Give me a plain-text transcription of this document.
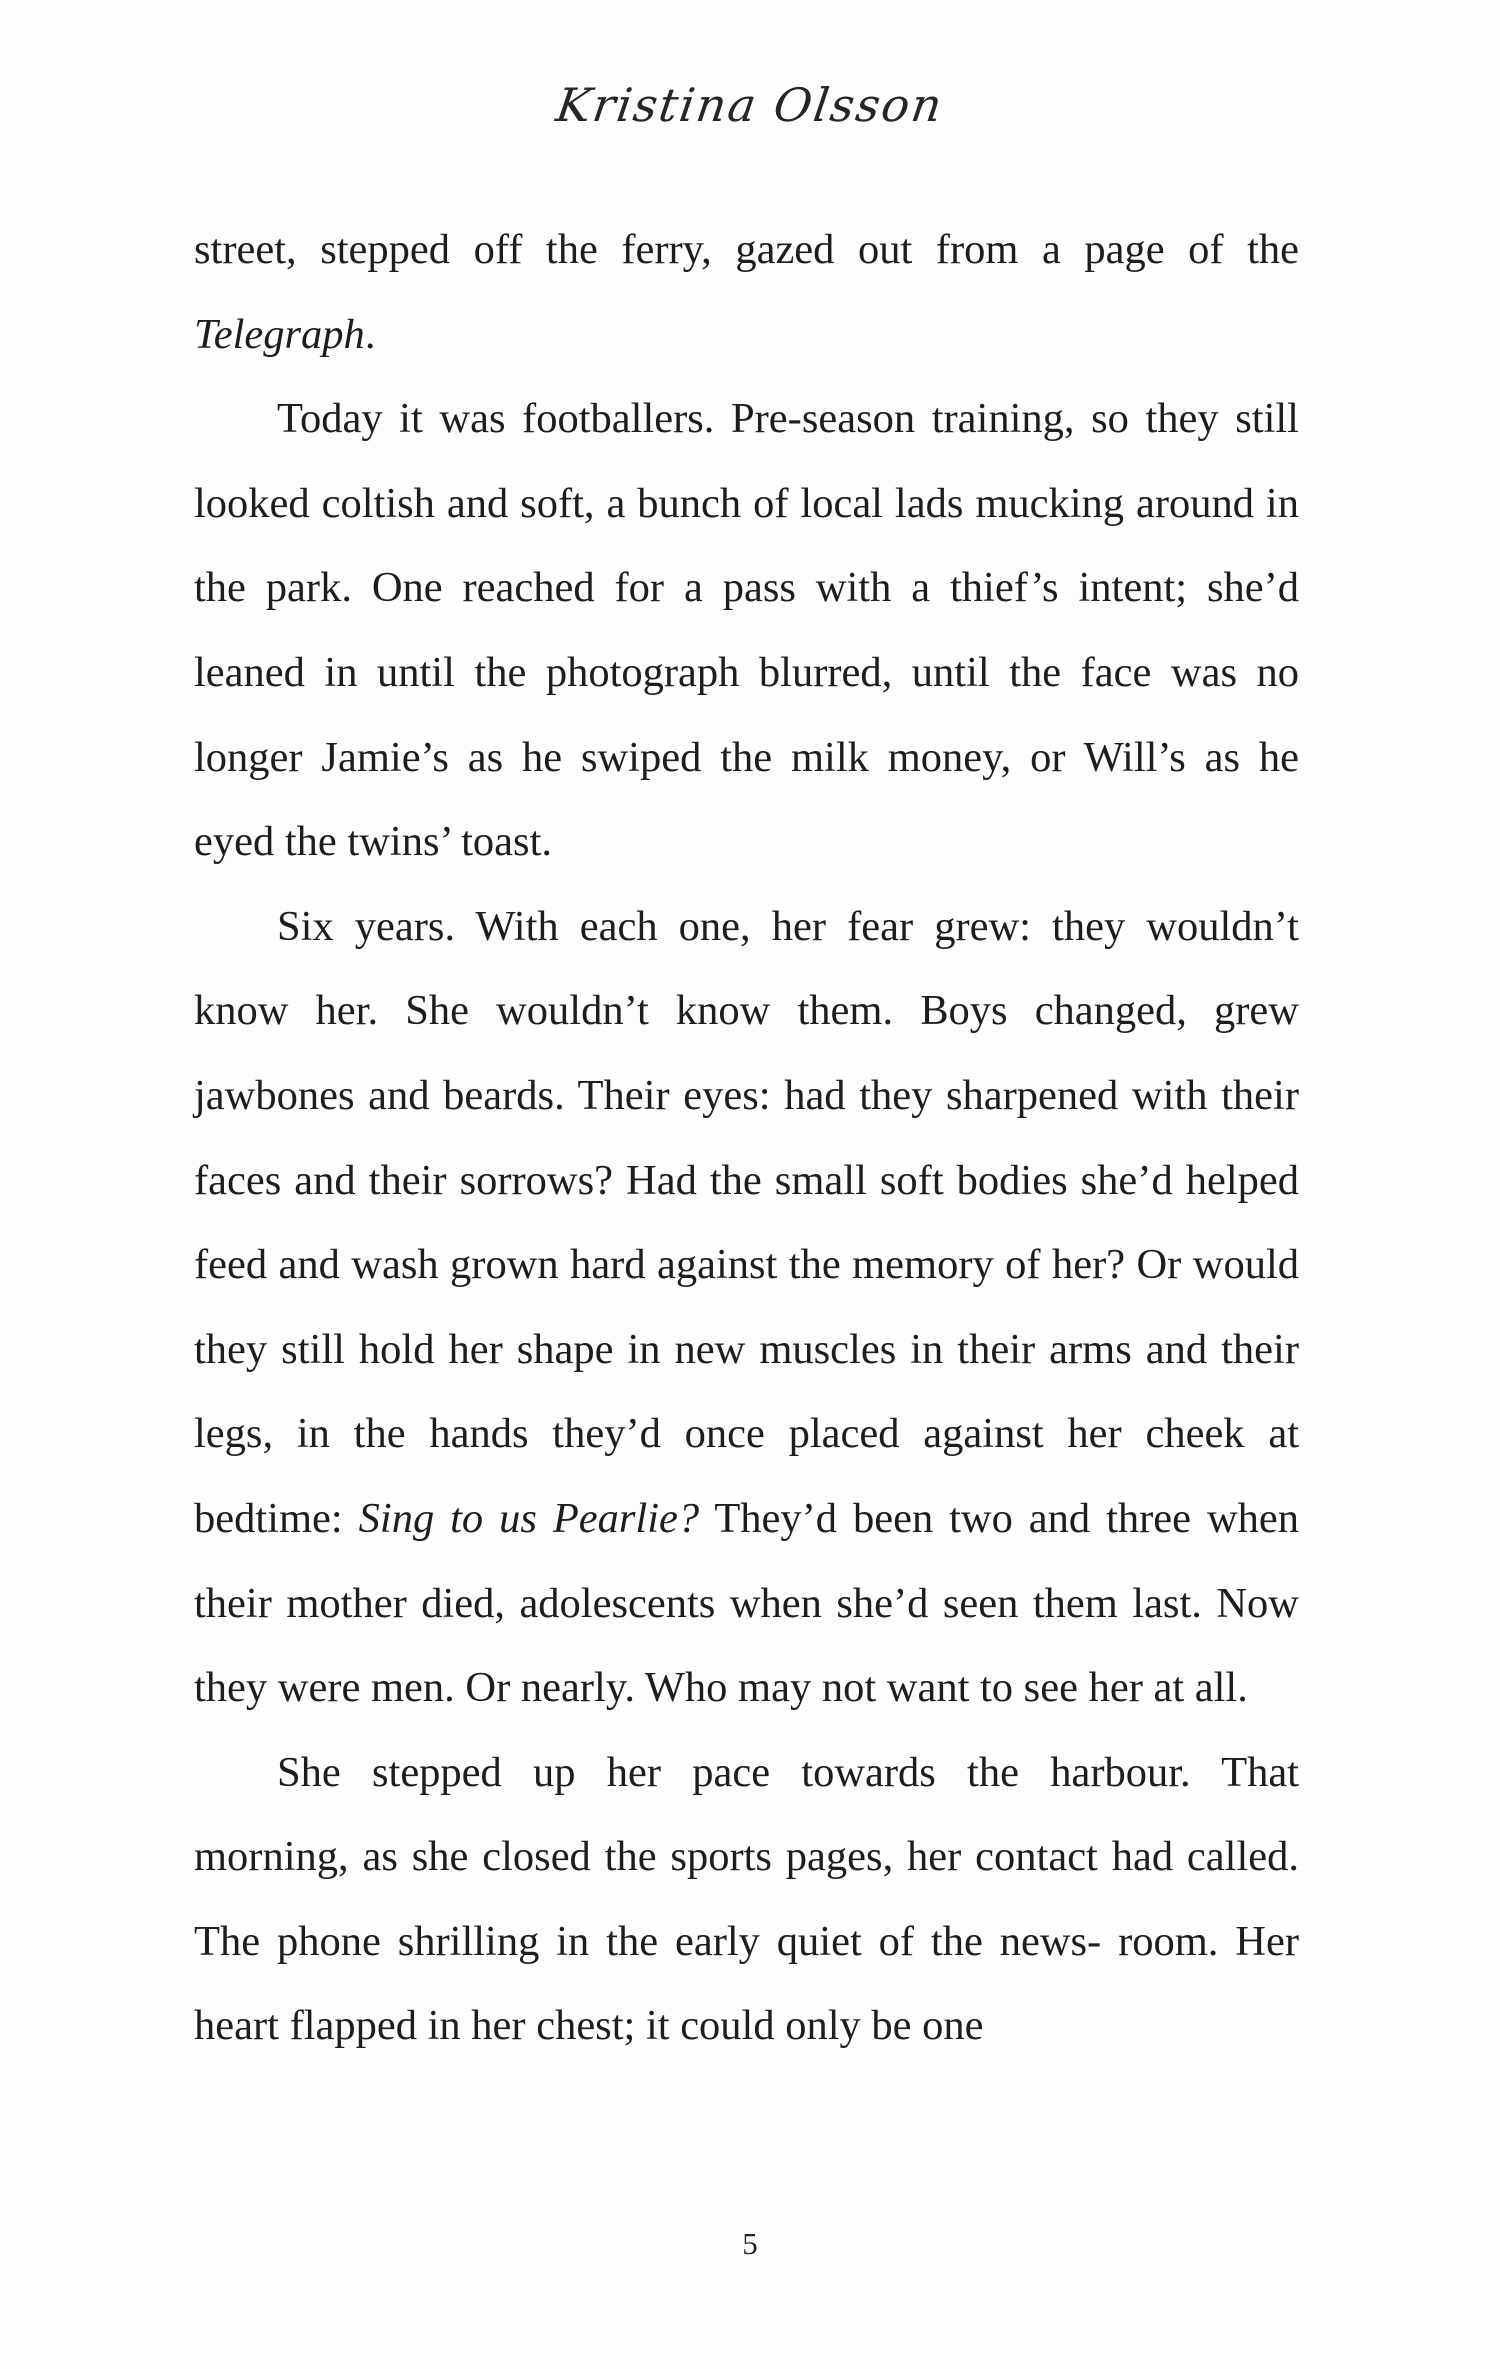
Kristina Olsson

street, stepped off the ferry, gazed out from a page of the Telegraph.

Today it was footballers. Pre-season training, so they still looked coltish and soft, a bunch of local lads mucking around in the park. One reached for a pass with a thief’s intent; she’d leaned in until the photograph blurred, until the face was no longer Jamie’s as he swiped the milk money, or Will’s as he eyed the twins’ toast.

Six years. With each one, her fear grew: they wouldn’t know her. She wouldn’t know them. Boys changed, grew jawbones and beards. Their eyes: had they sharpened with their faces and their sorrows? Had the small soft bodies she’d helped feed and wash grown hard against the memory of her? Or would they still hold her shape in new muscles in their arms and their legs, in the hands they’d once placed against her cheek at bedtime: Sing to us Pearlie? They’d been two and three when their mother died, adolescents when she’d seen them last. Now they were men. Or nearly. Who may not want to see her at all.

She stepped up her pace towards the harbour. That morning, as she closed the sports pages, her contact had called. The phone shrilling in the early quiet of the news- room. Her heart flapped in her chest; it could only be one

5
